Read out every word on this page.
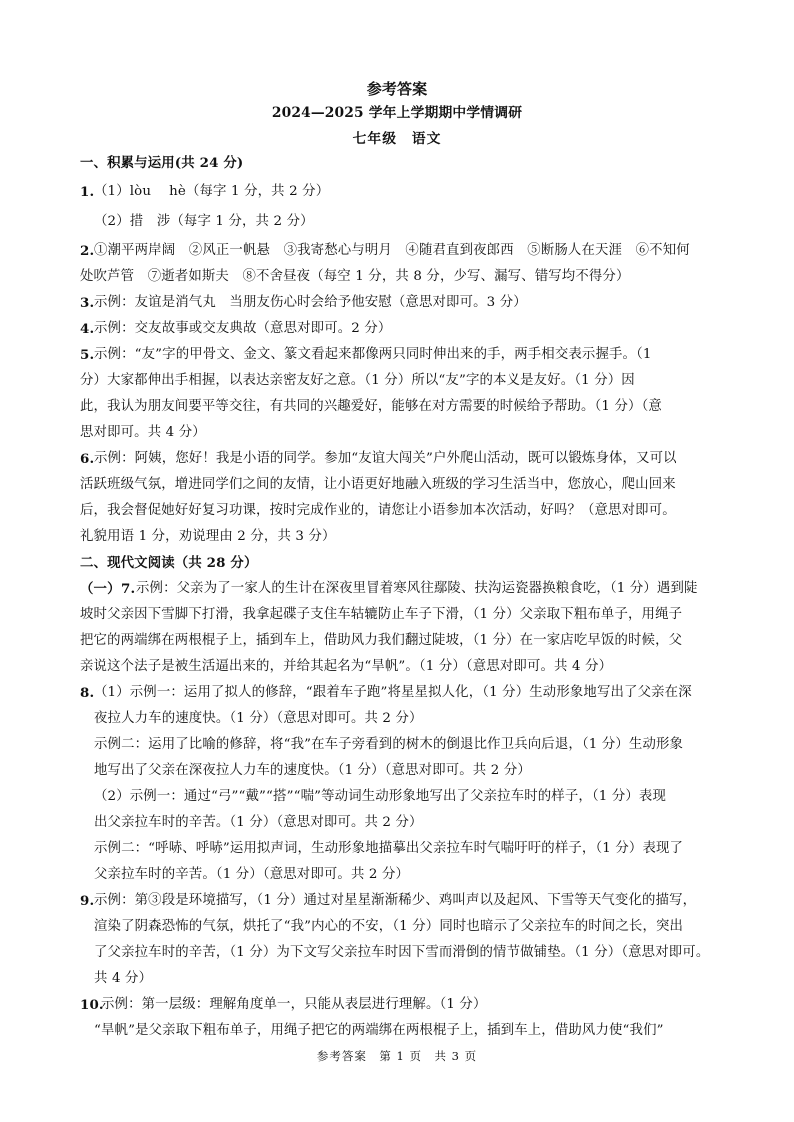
参考答案
2024—2025 学年上学期期中学情调研
七年级　语文
一、积累与运用(共 24 分)
1. （1）lòu　 hè（每字 1 分，共 2 分）
（2）措　涉（每字 1 分，共 2 分）
2. ①潮平两岸阔　②风正一帆悬　③我寄愁心与明月　④随君直到夜郎西　⑤断肠人在天涯　⑥不知何
处吹芦管　⑦逝者如斯夫　⑧不舍昼夜（每空 1 分，共 8 分，少写、漏写、错写均不得分）
3. 示例：友谊是消气丸　当朋友伤心时会给予他安慰（意思对即可。3 分）
4. 示例：交友故事或交友典故（意思对即可。2 分）
5. 示例：“友”字的甲骨文、金文、篆文看起来都像两只同时伸出来的手，两手相交表示握手。（1
分）大家都伸出手相握，以表达亲密友好之意。（1 分）所以“友”字的本义是友好。（1 分）因
此，我认为朋友间要平等交往，有共同的兴趣爱好，能够在对方需要的时候给予帮助。（1 分）（意
思对即可。共 4 分）
6. 示例：阿姨，您好！我是小语的同学。参加“友谊大闯关”户外爬山活动，既可以锻炼身体，又可以
活跃班级气氛，增进同学们之间的友情，让小语更好地融入班级的学习生活当中，您放心，爬山回来
后，我会督促她好好复习功课，按时完成作业的，请您让小语参加本次活动，好吗？（意思对即可。
礼貌用语 1 分，劝说理由 2 分，共 3 分）
二、现代文阅读（共 28 分）
（一） 7. 示例：父亲为了一家人的生计在深夜里冒着寒风往鄢陵、扶沟运瓷器换粮食吃，（1 分）遇到陡
坡时父亲因下雪脚下打滑，我拿起碟子支住车轱辘防止车子下滑，（1 分）父亲取下粗布单子，用绳子
把它的两端绑在两根棍子上，插到车上，借助风力我们翻过陡坡，（1 分）在一家店吃早饭的时候，父
亲说这个法子是被生活逼出来的，并给其起名为“旱帆”。（1 分）（意思对即可。共 4 分）
8. （1）示例一：运用了拟人的修辞，“跟着车子跑”将星星拟人化，（1 分）生动形象地写出了父亲在深
夜拉人力车的速度快。（1 分）（意思对即可。共 2 分）
示例二：运用了比喻的修辞，将“我”在车子旁看到的树木的倒退比作卫兵向后退，（1 分）生动形象
地写出了父亲在深夜拉人力车的速度快。（1 分）（意思对即可。共 2 分）
（2）示例一：通过“弓”“戴”“搭”“喘”等动词生动形象地写出了父亲拉车时的样子，（1 分）表现
出父亲拉车时的辛苦。（1 分）（意思对即可。共 2 分）
示例二：“呼哧、呼哧”运用拟声词，生动形象地描摹出父亲拉车时气喘吁吁的样子，（1 分）表现了
父亲拉车时的辛苦。（1 分）（意思对即可。共 2 分）
9. 示例：第③段是环境描写，（1 分）通过对星星渐渐稀少、鸡叫声以及起风、下雪等天气变化的描写，
渲染了阴森恐怖的气氛，烘托了“我”内心的不安，（1 分）同时也暗示了父亲拉车的时间之长，突出
了父亲拉车时的辛苦，（1 分）为下文写父亲拉车时因下雪而滑倒的情节做铺垫。（1 分）（意思对即可。
共 4 分）
10.
示例：第一层级：理解角度单一，只能从表层进行理解。（1 分）
“旱帆”是父亲取下粗布单子，用绳子把它的两端绑在两根棍子上，插到车上，借助风力使“我们”
参考答案　第 1 页　共 3 页
